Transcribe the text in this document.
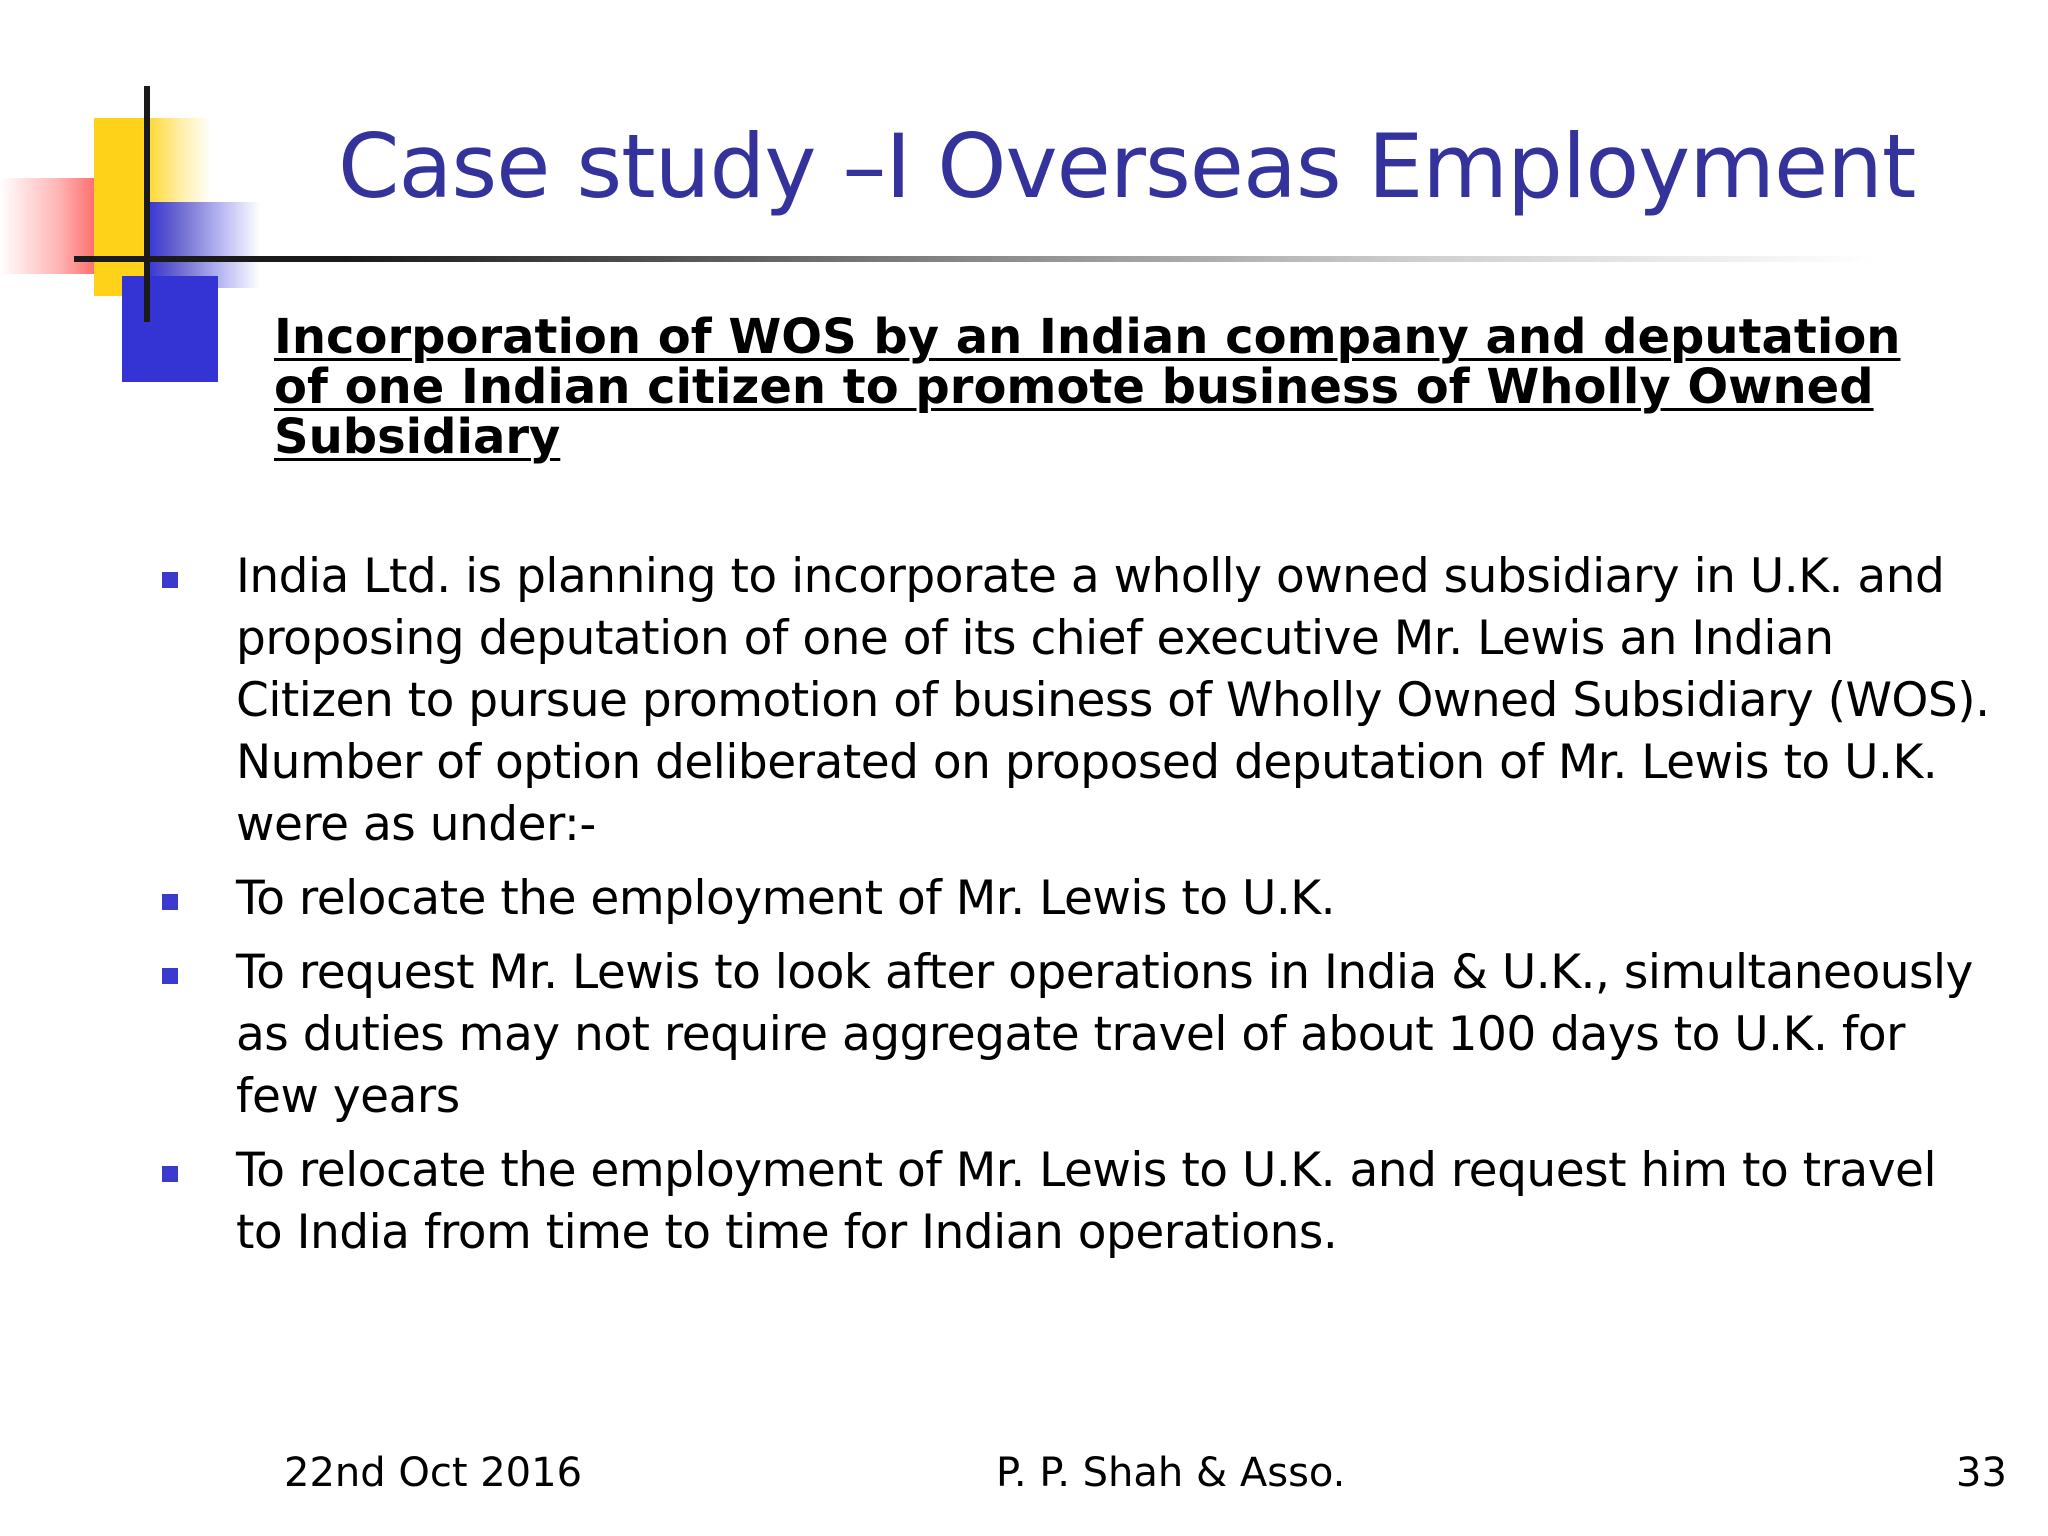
Case study –I Overseas Employment

Incorporation of WOS by an Indian company and deputation of one Indian citizen to promote business of Wholly Owned Subsidiary

India Ltd. is planning to incorporate a wholly owned subsidiary in U.K. and proposing deputation of one of its chief executive Mr. Lewis an Indian Citizen to pursue promotion of business of Wholly Owned Subsidiary (WOS). Number of option deliberated on proposed deputation of Mr. Lewis to U.K. were as under:-
To relocate the employment of Mr. Lewis to U.K.
To request Mr. Lewis to look after operations in India & U.K., simultaneously as duties may not require aggregate travel of about 100 days to U.K. for few years
To relocate the employment of Mr. Lewis to U.K. and request him to travel to India from time to time for Indian operations.
22nd Oct 2016	P. P. Shah & Asso.	33
